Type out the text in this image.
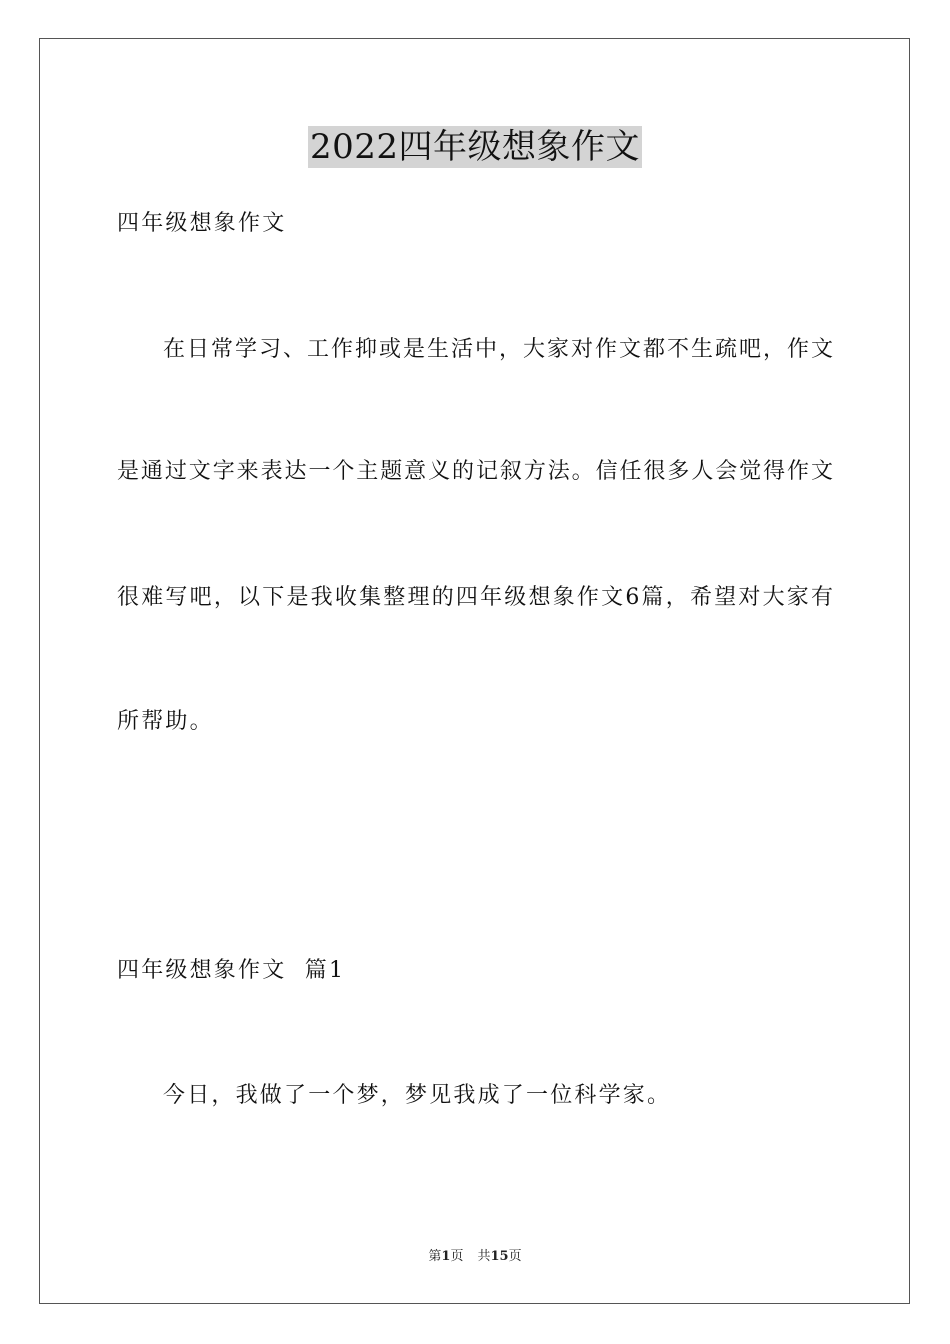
2022四年级想象作文
四年级想象作文
在日常学习、工作抑或是生活中，大家对作文都不生疏吧，作文
是通过文字来表达一个主题意义的记叙方法。信任很多人会觉得作文
很难写吧，以下是我收集整理的四年级想象作文6篇，希望对大家有
所帮助。
四年级想象作文  篇1
今日，我做了一个梦，梦见我成了一位科学家。
第1页 共15页
